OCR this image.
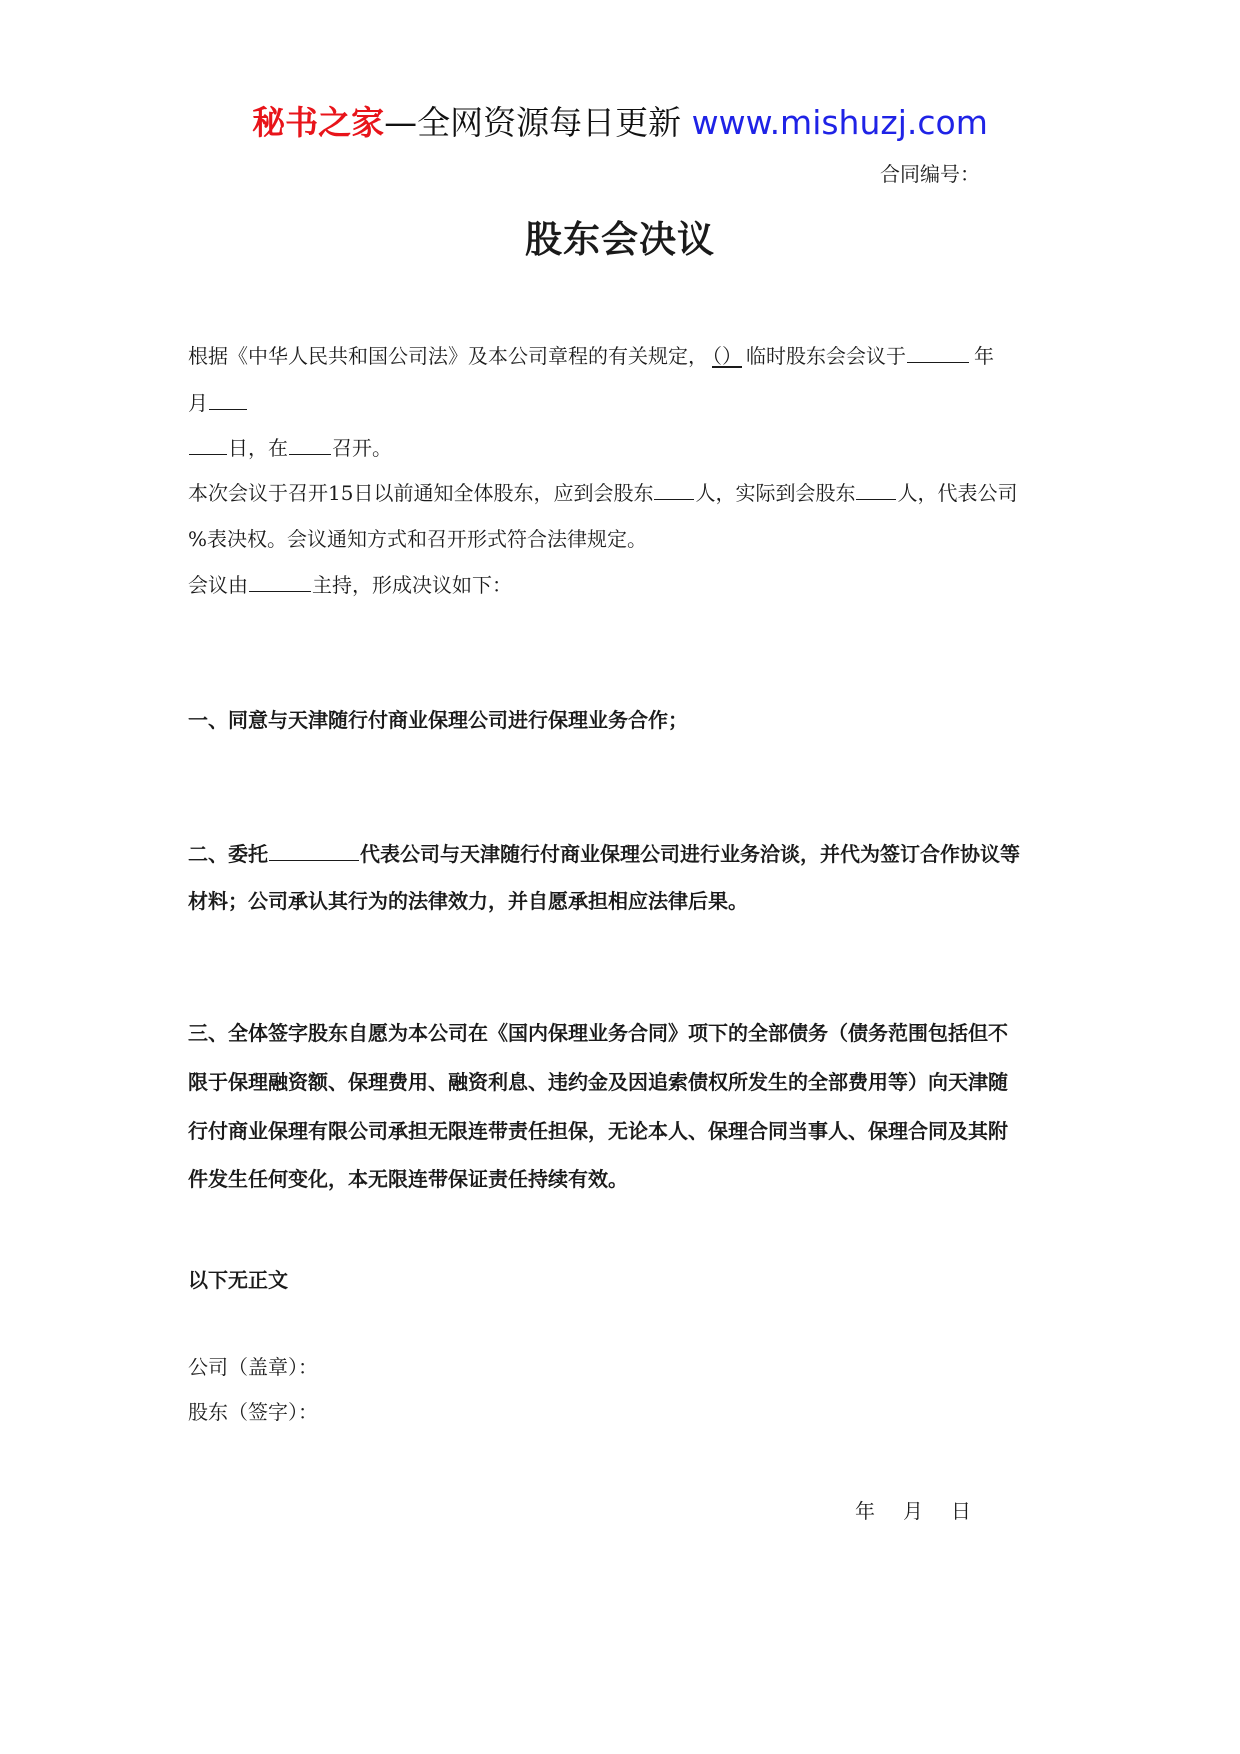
秘书之家—全网资源每日更新 www.mishuzj.com
合同编号：
股东会决议
根据《中华人民共和国公司法》及本公司章程的有关规定， （） 临时股东会会议于	年
月
日，在 召开。
本次会议于召开15日以前通知全体股东，应到会股东 人，实际到会股东 人，代表公司
%表决权。会议通知方式和召开形式符合法律规定。
会议由	主持，形成决议如下：
一、同意与天津随行付商业保理公司进行保理业务合作；
二、委托	代表公司与天津随行付商业保理公司进行业务洽谈，并代为签订合作协议等
材料；公司承认其行为的法律效力，并自愿承担相应法律后果。
三、全体签字股东自愿为本公司在《国内保理业务合同》项下的全部债务（债务范围包括但不
限于保理融资额、保理费用、融资利息、违约金及因追索债权所发生的全部费用等）向天津随
行付商业保理有限公司承担无限连带责任担保，无论本人、保理合同当事人、保理合同及其附
件发生任何变化，本无限连带保证责任持续有效。
以下无正文
公司（盖章）：
股东（签字）：
年 月 日
